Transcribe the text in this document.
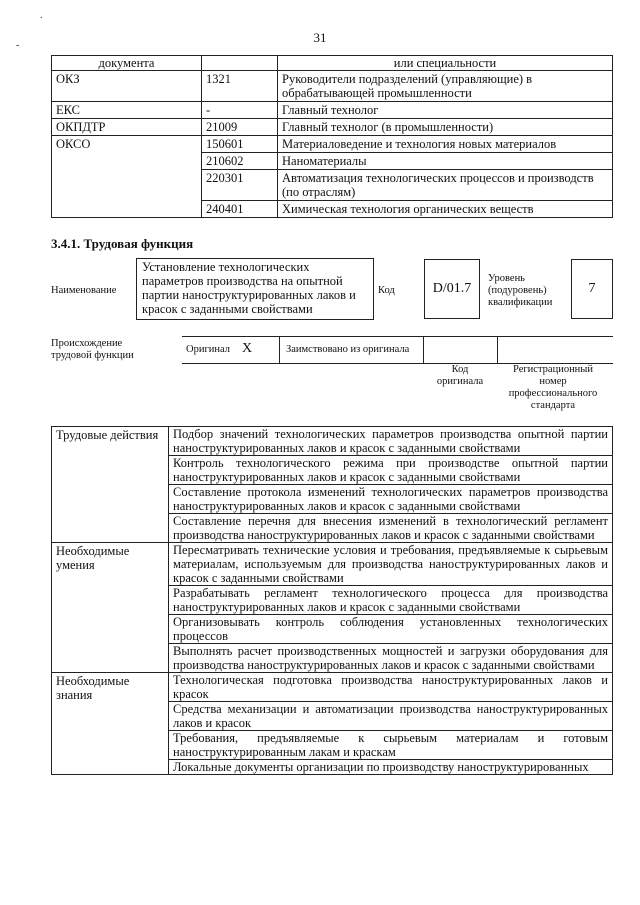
31
.
-
документа		или специальности
ОКЗ	1321	Руководители подразделений (управляющие) в обрабатывающей промышленности
ЕКС	-	Главный технолог
ОКПДТР	21009	Главный технолог (в промышленности)
ОКСО	150601	Материаловедение и технология новых материалов
	210602	Наноматериалы
	220301	Автоматизация технологических процессов и производств (по отраслям)
	240401	Химическая технология органических веществ
3.4.1. Трудовая функция
Наименование
Установление технологических параметров производства на опытной партии наноструктурированных лаков и красок с заданными свойствами
Код	D/01.7
Уровень (подуровень) квалификации
7
Происхождение трудовой функции
Оригинал X	Заимствовано из оригинала
Код оригинала
Регистрационный номер профессионального стандарта
Трудовые действия	Подбор значений технологических параметров производства опытной партии наноструктурированных лаков и красок с заданными свойствами
	Контроль технологического режима при производстве опытной партии наноструктурированных лаков и красок с заданными свойствами
	Составление протокола изменений технологических параметров производства наноструктурированных лаков и красок с заданными свойствами
	Составление перечня для внесения изменений в технологический регламент производства наноструктурированных лаков и красок с заданными свойствами
Необходимые умения	Пересматривать технические условия и требования, предъявляемые к сырьевым материалам, используемым для производства наноструктурированных лаков и красок с заданными свойствами
	Разрабатывать регламент технологического процесса для производства наноструктурированных лаков и красок с заданными свойствами
	Организовывать контроль соблюдения установленных технологических процессов
	Выполнять расчет производственных мощностей и загрузки оборудования для производства наноструктурированных лаков и красок с заданными свойствами
Необходимые знания	Технологическая подготовка производства наноструктурированных лаков и красок
	Средства механизации и автоматизации производства наноструктурированных лаков и красок
	Требования, предъявляемые к сырьевым материалам и готовым наноструктурированным лакам и краскам
	Локальные документы организации по производству наноструктурированных
